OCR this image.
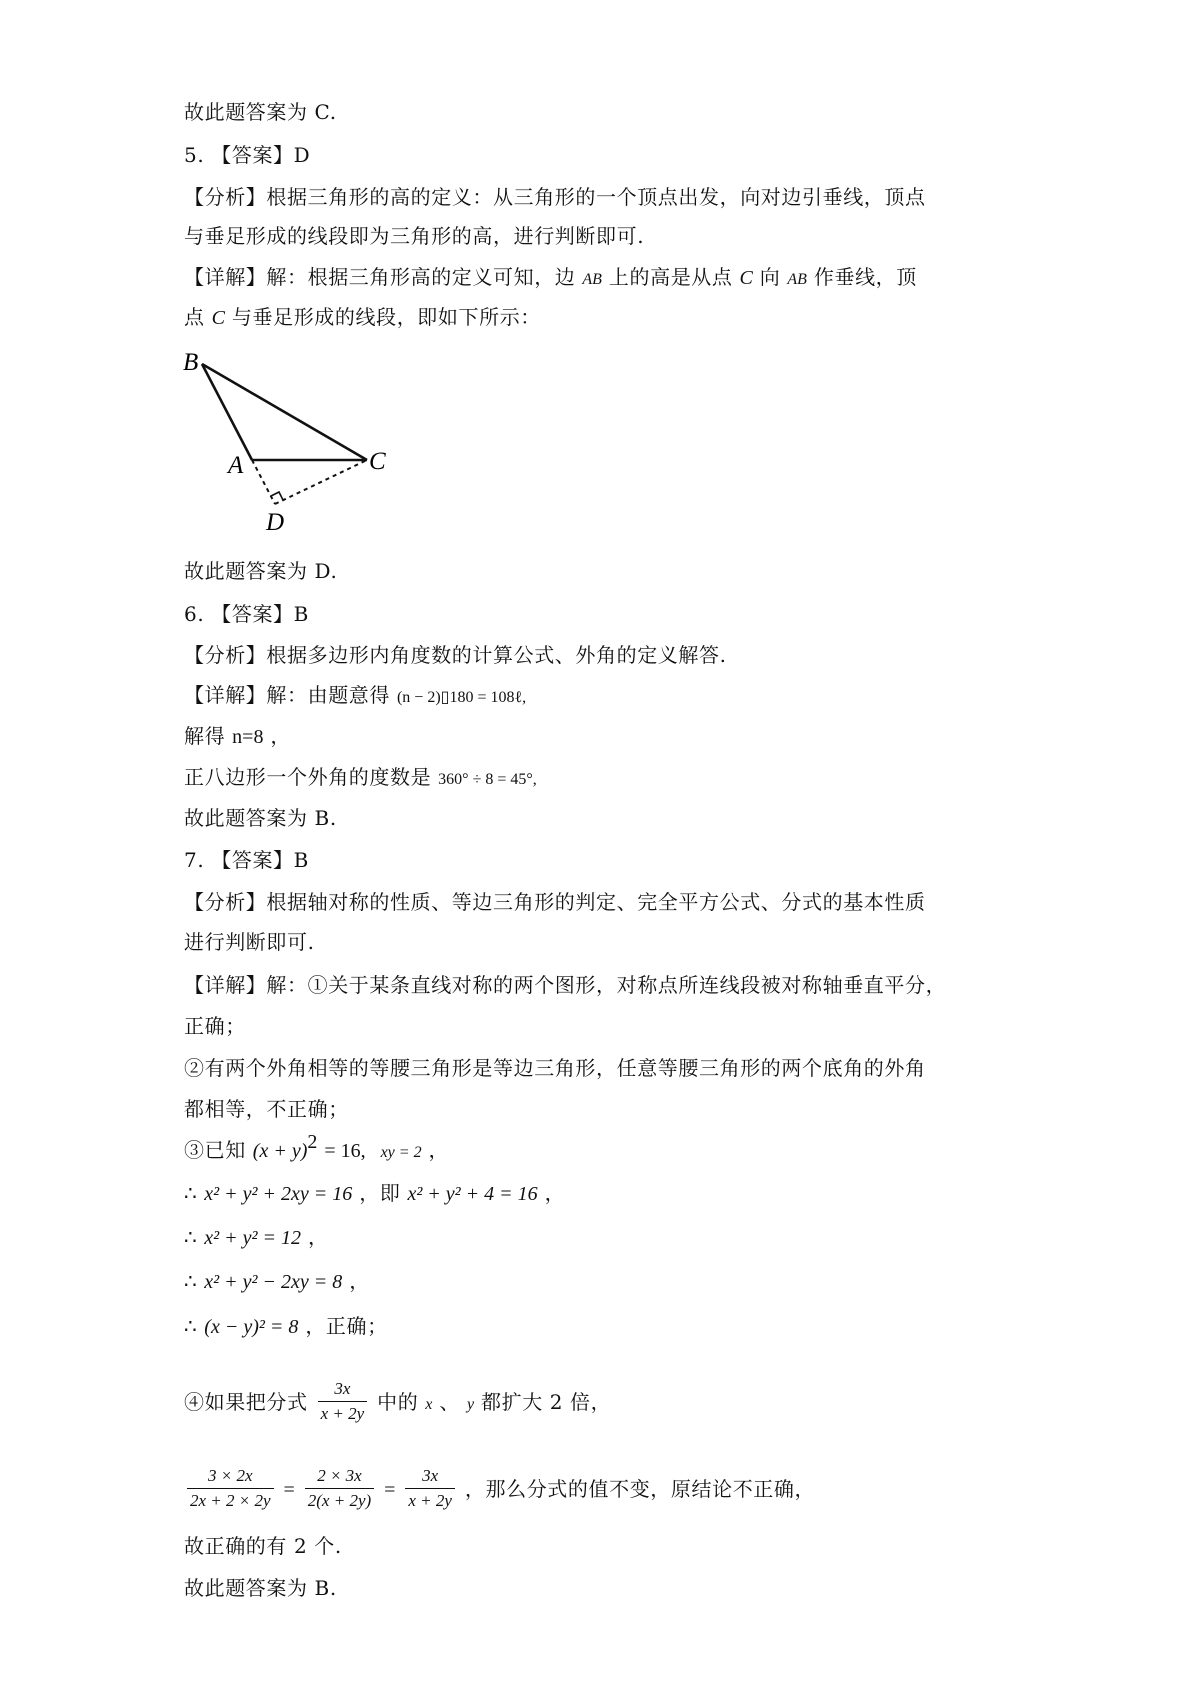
故此题答案为 C.
5. 【答案】D
【分析】根据三角形的高的定义：从三角形的一个顶点出发，向对边引垂线，顶点
与垂足形成的线段即为三角形的高，进行判断即可.
【详解】解：根据三角形高的定义可知，边 AB 上的高是从点 C 向 AB 作垂线，顶
点 C 与垂足形成的线段，即如下所示：
B
A	C
D
故此题答案为 D.
6. 【答案】B
【分析】根据多边形内角度数的计算公式、外角的定义解答.
【详解】解：由题意得 (n − 2)▯180 = 108ℓ,
解得 n=8 ，
正八边形一个外角的度数是 360° ÷ 8 = 45°,
故此题答案为 B.
7. 【答案】B
【分析】根据轴对称的性质、等边三角形的判定、完全平方公式、分式的基本性质
进行判断即可.
【详解】解：①关于某条直线对称的两个图形，对称点所连线段被对称轴垂直平分，
正确；
②有两个外角相等的等腰三角形是等边三角形，任意等腰三角形的两个底角的外角
都相等，不正确；
③已知 $(x + y)^2 = 16$, xy = 2 ，
∴ x² + y² + 2xy = 16 ，即 x² + y² + 4 = 16 ，
∴ x² + y² = 12 ，
∴ x² + y² − 2xy = 8 ，
∴ (x − y)² = 8 ，正确；
④如果把分式 $\frac{3x}{x + 2y}$ 中的 x 、 y 都扩大 2 倍，
$\frac{3 \times 2x}{2x + 2 \times 2y} = \frac{2 \times 3x}{2(x + 2y)} = \frac{3x}{x + 2y}$ ，那么分式的值不变，原结论不正确，
故正确的有 2 个.
故此题答案为 B.
